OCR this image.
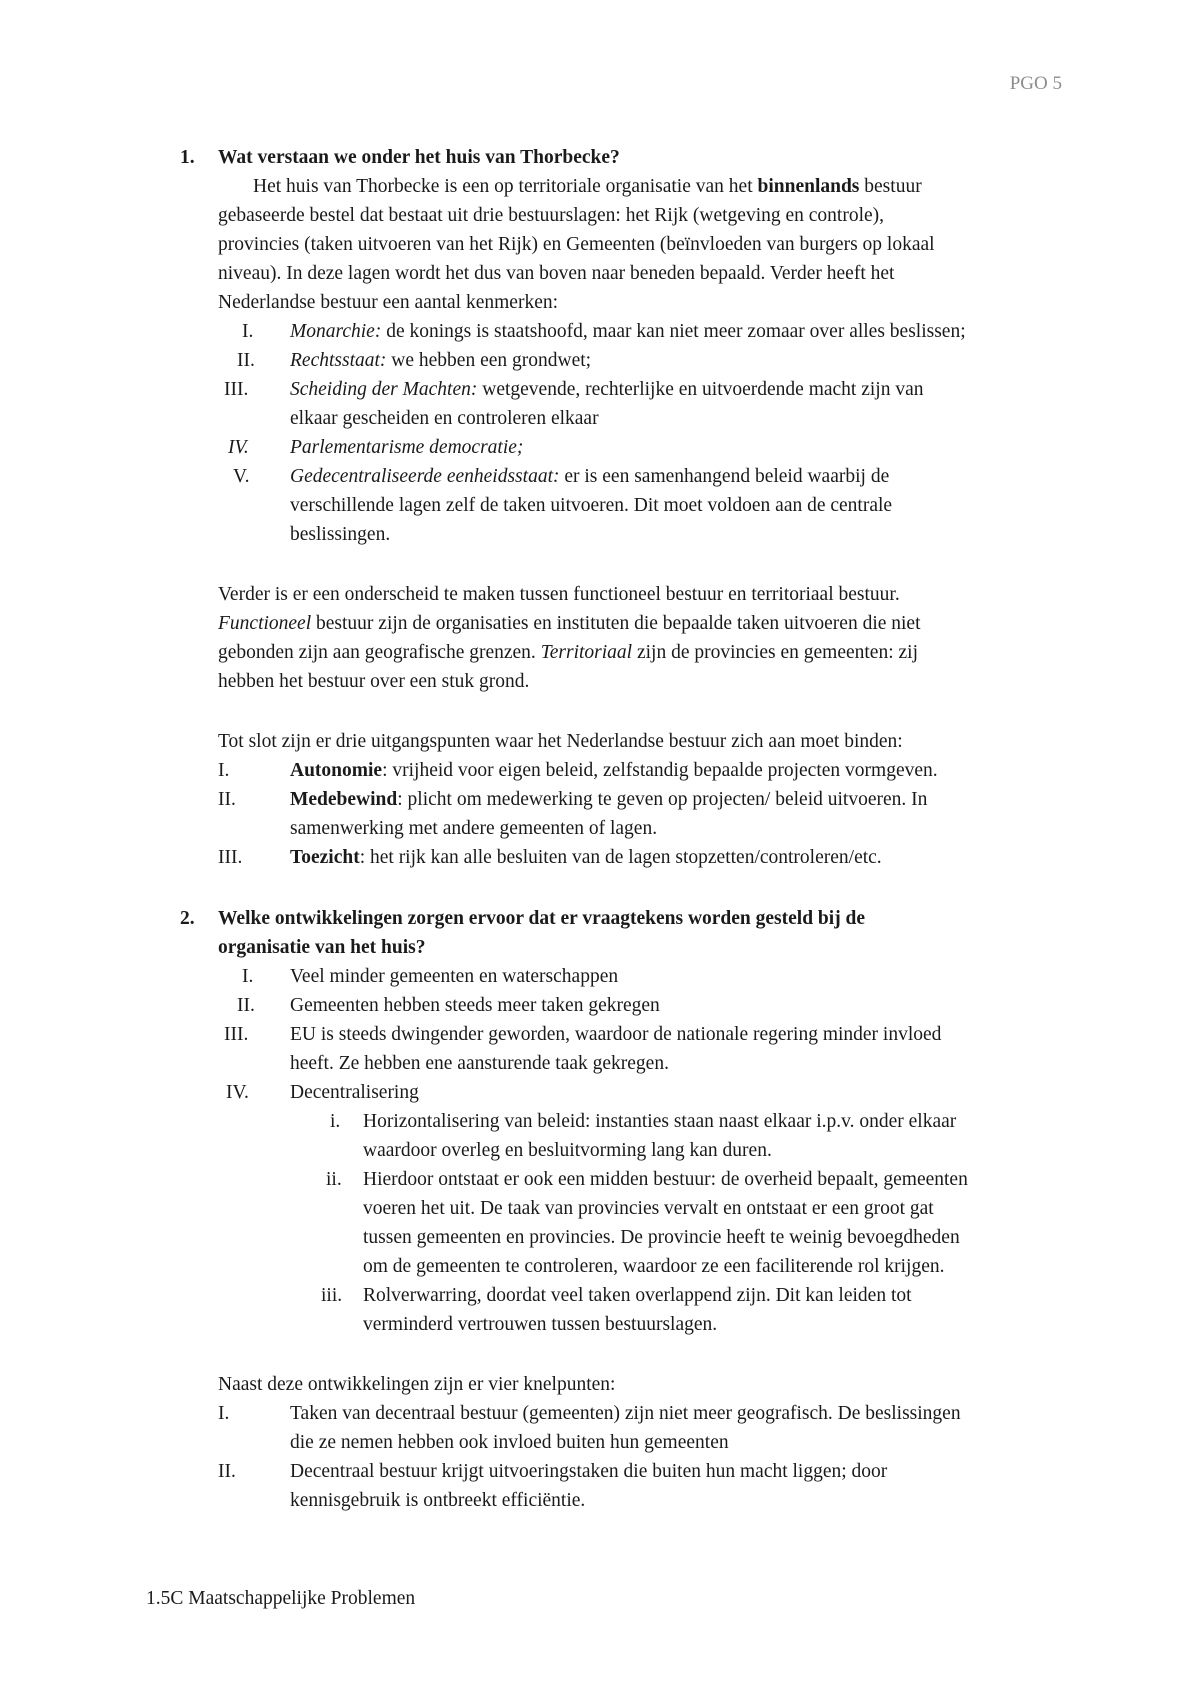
PGO 5
1. Wat verstaan we onder het huis van Thorbecke?
Het huis van Thorbecke is een op territoriale organisatie van het binnenlands bestuur
gebaseerde bestel dat bestaat uit drie bestuurslagen: het Rijk (wetgeving en controle),
provincies (taken uitvoeren van het Rijk) en Gemeenten (beïnvloeden van burgers op lokaal
niveau). In deze lagen wordt het dus van boven naar beneden bepaald. Verder heeft het
Nederlandse bestuur een aantal kenmerken:
I. Monarchie: de konings is staatshoofd, maar kan niet meer zomaar over alles beslissen;
II. Rechtsstaat: we hebben een grondwet;
III. Scheiding der Machten: wetgevende, rechterlijke en uitvoerdende macht zijn van
elkaar gescheiden en controleren elkaar
IV. Parlementarisme democratie;
V. Gedecentraliseerde eenheidsstaat: er is een samenhangend beleid waarbij de
verschillende lagen zelf de taken uitvoeren. Dit moet voldoen aan de centrale
beslissingen.
Verder is er een onderscheid te maken tussen functioneel bestuur en territoriaal bestuur.
Functioneel bestuur zijn de organisaties en instituten die bepaalde taken uitvoeren die niet
gebonden zijn aan geografische grenzen. Territoriaal zijn de provincies en gemeenten: zij
hebben het bestuur over een stuk grond.
Tot slot zijn er drie uitgangspunten waar het Nederlandse bestuur zich aan moet binden:
I.	Autonomie: vrijheid voor eigen beleid, zelfstandig bepaalde projecten vormgeven.
II.	Medebewind: plicht om medewerking te geven op projecten/ beleid uitvoeren. In
samenwerking met andere gemeenten of lagen.
III. Toezicht: het rijk kan alle besluiten van de lagen stopzetten/controleren/etc.
2. Welke ontwikkelingen zorgen ervoor dat er vraagtekens worden gesteld bij de
organisatie van het huis?
I. Veel minder gemeenten en waterschappen
II. Gemeenten hebben steeds meer taken gekregen
III. EU is steeds dwingender geworden, waardoor de nationale regering minder invloed
heeft. Ze hebben ene aansturende taak gekregen.
IV. Decentralisering
i. Horizontalisering van beleid: instanties staan naast elkaar i.p.v. onder elkaar
waardoor overleg en besluitvorming lang kan duren.
ii. Hierdoor ontstaat er ook een midden bestuur: de overheid bepaalt, gemeenten
voeren het uit. De taak van provincies vervalt en ontstaat er een groot gat
tussen gemeenten en provincies. De provincie heeft te weinig bevoegdheden
om de gemeenten te controleren, waardoor ze een faciliterende rol krijgen.
iii. Rolverwarring, doordat veel taken overlappend zijn. Dit kan leiden tot
verminderd vertrouwen tussen bestuurslagen.
Naast deze ontwikkelingen zijn er vier knelpunten:
I.	Taken van decentraal bestuur (gemeenten) zijn niet meer geografisch. De beslissingen
die ze nemen hebben ook invloed buiten hun gemeenten
II.	Decentraal bestuur krijgt uitvoeringstaken die buiten hun macht liggen; door
kennisgebruik is ontbreekt efficiëntie.
1.5C Maatschappelijke Problemen
